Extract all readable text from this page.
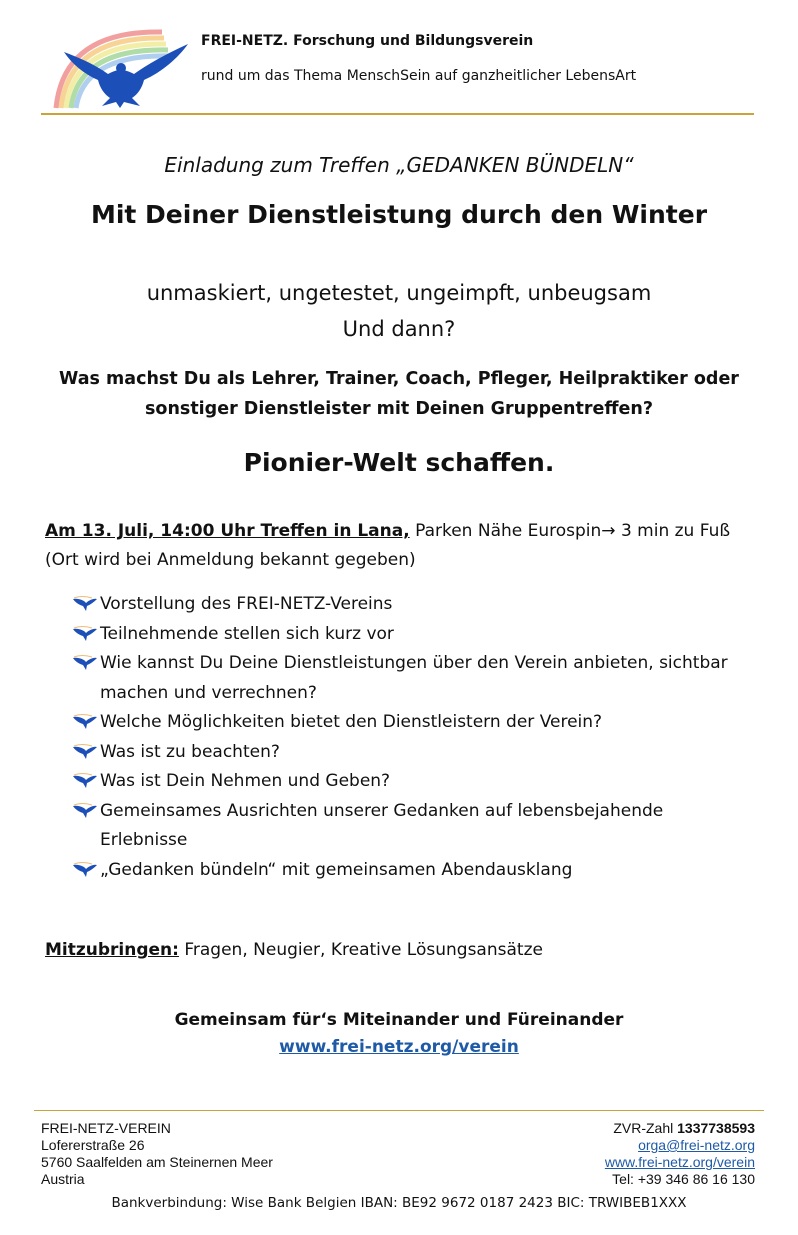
FREI-NETZ. Forschung und Bildungsverein
rund um das Thema MenschSein auf ganzheitlicher LebensArt
Einladung zum Treffen „GEDANKEN BÜNDELN“
Mit Deiner Dienstleistung durch den Winter
unmaskiert, ungetestet, ungeimpft, unbeugsam
Und dann?
Was machst Du als Lehrer, Trainer, Coach, Pfleger, Heilpraktiker oder
sonstiger Dienstleister mit Deinen Gruppentreffen?
Pionier-Welt schaffen.
Am 13. Juli, 14:00 Uhr Treffen in Lana, Parken Nähe Eurospin→ 3 min zu Fuß (Ort wird bei Anmeldung bekannt gegeben)
Vorstellung des FREI-NETZ-Vereins
Teilnehmende stellen sich kurz vor
Wie kannst Du Deine Dienstleistungen über den Verein anbieten, sichtbar machen und verrechnen?
Welche Möglichkeiten bietet den Dienstleistern der Verein?
Was ist zu beachten?
Was ist Dein Nehmen und Geben?
Gemeinsames Ausrichten unserer Gedanken auf lebensbejahende Erlebnisse
„Gedanken bündeln“ mit gemeinsamen Abendausklang
Mitzubringen: Fragen, Neugier, Kreative Lösungsansätze
Gemeinsam für‘s Miteinander und Füreinander
www.frei-netz.org/verein
FREI-NETZ-VEREIN
Lofererstraße 26
5760 Saalfelden am Steinernen Meer
Austria
ZVR-Zahl 1337738593
orga@frei-netz.org
www.frei-netz.org/verein
Tel: +39 346 86 16 130
Bankverbindung: Wise Bank Belgien IBAN: BE92 9672 0187 2423 BIC: TRWIBEB1XXX
